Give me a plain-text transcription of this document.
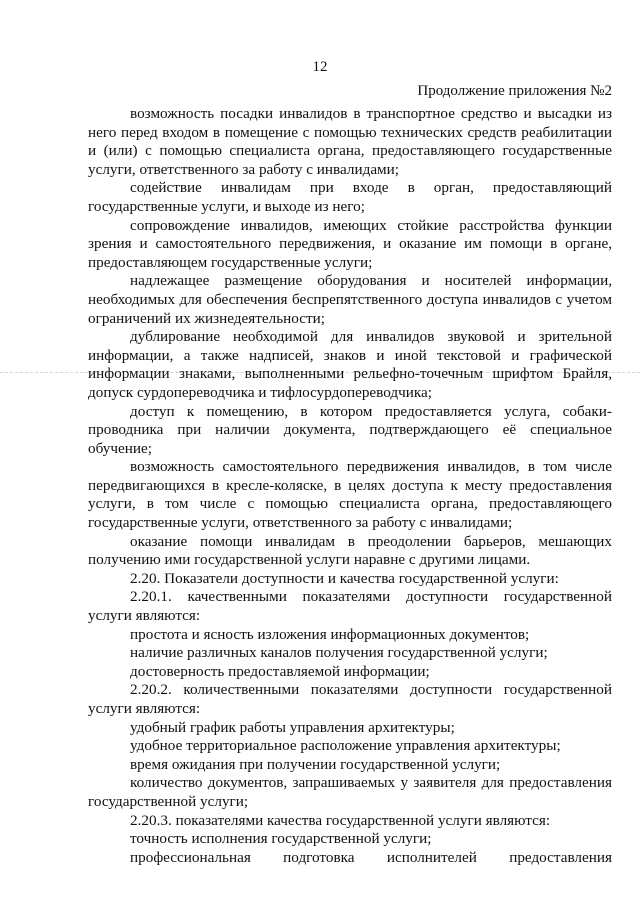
12
Продолжение приложения №2

возможность посадки инвалидов в транспортное средство и высадки из него перед входом в помещение с помощью технических средств реабилитации и (или) с помощью специалиста органа, предоставляющего государственные услуги, ответственного за работу с инвалидами;

содействие инвалидам при входе в орган, предоставляющий государственные услуги, и выходе из него;

сопровождение инвалидов, имеющих стойкие расстройства функции зрения и самостоятельного передвижения, и оказание им помощи в органе, предоставляющем государственные услуги;

надлежащее размещение оборудования и носителей информации, необходимых для обеспечения беспрепятственного доступа инвалидов с учетом ограничений их жизнедеятельности;

дублирование необходимой для инвалидов звуковой и зрительной информации, а также надписей, знаков и иной текстовой и графической информации знаками, выполненными рельефно-точечным шрифтом Брайля, допуск сурдопереводчика и тифлосурдопереводчика;

доступ к помещению, в котором предоставляется услуга, собаки-проводника при наличии документа, подтверждающего её специальное обучение;

возможность самостоятельного передвижения инвалидов, в том числе передвигающихся в кресле-коляске, в целях доступа к месту предоставления услуги, в том числе с помощью специалиста органа, предоставляющего государственные услуги, ответственного за работу с инвалидами;

оказание помощи инвалидам в преодолении барьеров, мешающих получению ими государственной услуги наравне с другими лицами.

2.20. Показатели доступности и качества государственной услуги:

2.20.1. качественными показателями доступности государственной услуги являются:

простота и ясность изложения информационных документов;

наличие различных каналов получения государственной услуги;

достоверность предоставляемой информации;

2.20.2. количественными показателями доступности государственной услуги являются:

удобный график работы управления архитектуры;

удобное территориальное расположение управления архитектуры;

время ожидания при получении государственной услуги;

количество документов, запрашиваемых у заявителя для предоставления государственной услуги;

2.20.3. показателями качества государственной услуги являются:

точность исполнения государственной услуги;

профессиональная подготовка исполнителей предоставления
